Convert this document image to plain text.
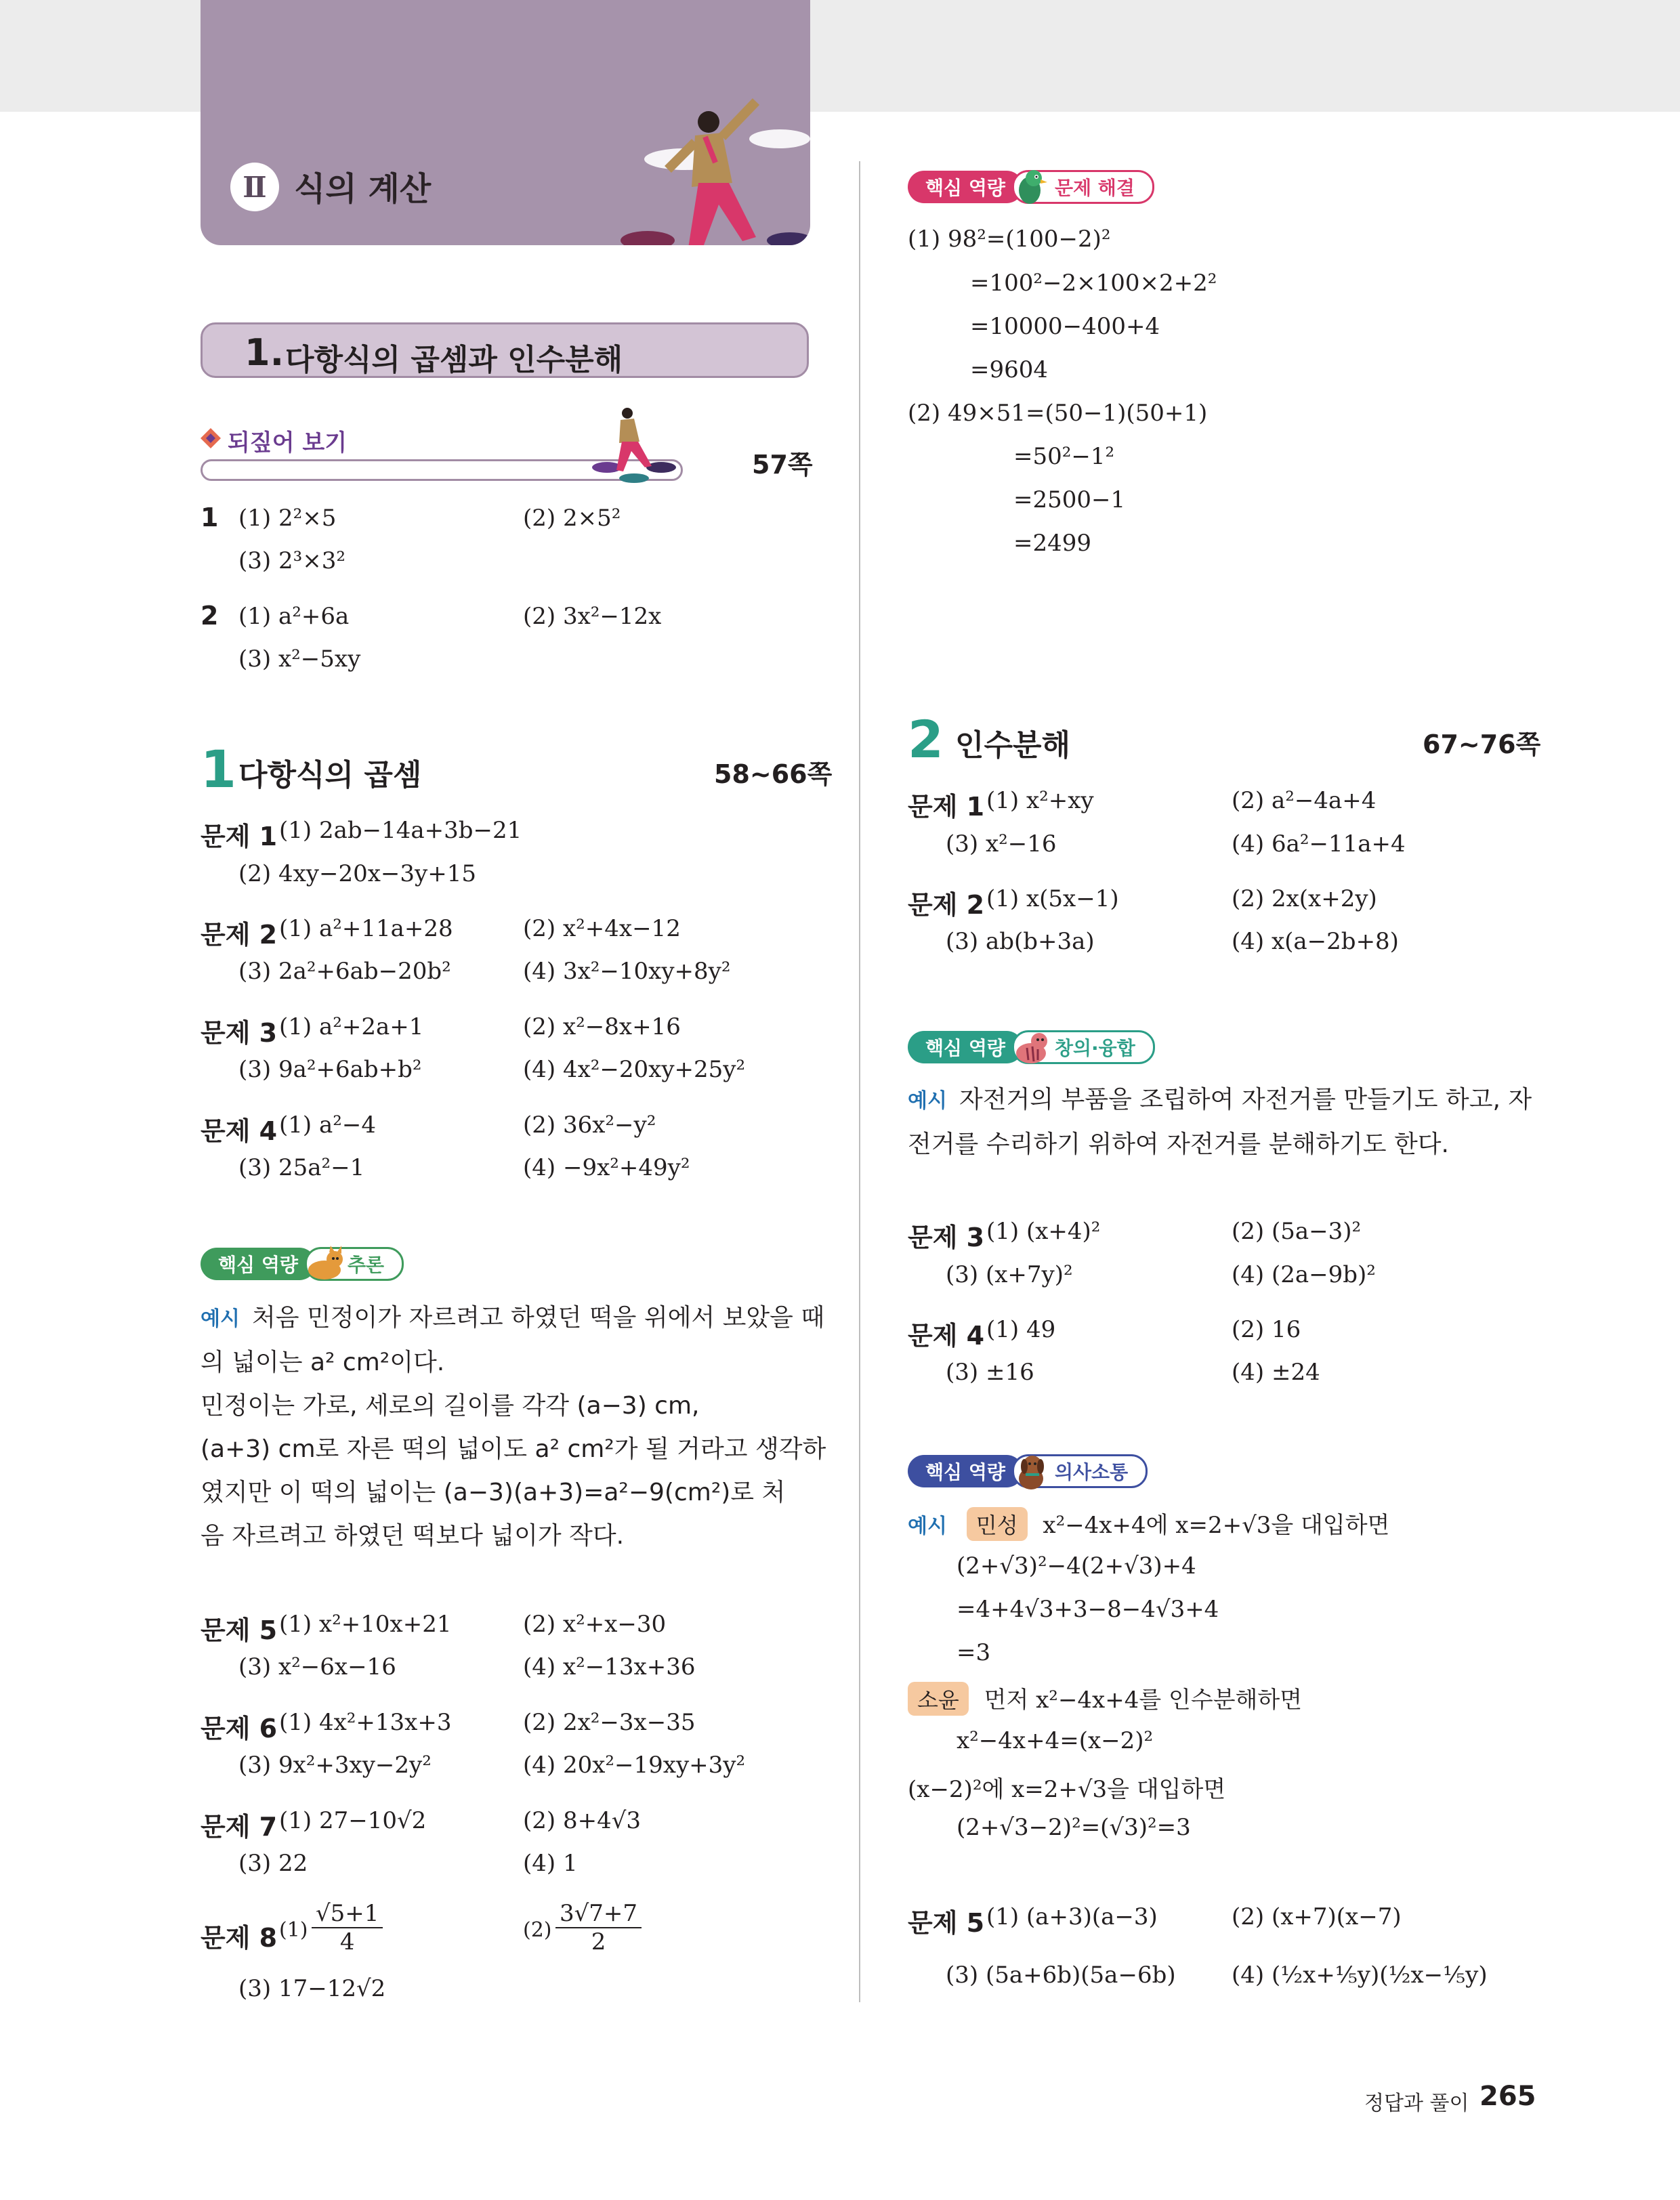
Ⅱ 식의 계산
1. 다항식의 곱셈과 인수분해
되짚어 보기
57쪽
1 (1) 2²×5	(2) 2×5²
(3) 2³×3²
2 (1) a²+6a	(2) 3x²−12x
(3) x²−5xy
1 다항식의 곱셈	58~66쪽
문제 1 (1) 2ab−14a+3b−21
(2) 4xy−20x−3y+15
문제 2 (1) a²+11a+28	(2) x²+4x−12
(3) 2a²+6ab−20b²	(4) 3x²−10xy+8y²
문제 3 (1) a²+2a+1	(2) x²−8x+16
(3) 9a²+6ab+b²	(4) 4x²−20xy+25y²
문제 4 (1) a²−4	(2) 36x²−y²
(3) 25a²−1	(4) −9x²+49y²
핵심 역량	추론
예시 처음 민정이가 자르려고 하였던 떡을 위에서 보았을 때
의 넓이는 a² cm²이다.
민정이는 가로, 세로의 길이를 각각 (a−3) cm,
(a+3) cm로 자른 떡의 넓이도 a² cm²가 될 거라고 생각하
였지만 이 떡의 넓이는 (a−3)(a+3)=a²−9(cm²)로 처
음 자르려고 하였던 떡보다 넓이가 작다.
문제 5 (1) x²+10x+21	(2) x²+x−30
(3) x²−6x−16	(4) x²−13x+36
문제 6 (1) 4x²+13x+3	(2) 2x²−3x−35
(3) 9x²+3xy−2y²	(4) 20x²−19xy+3y²
문제 7 (1) 27−10√2	(2) 8+4√3
(3) 22	(4) 1
문제 8 $(1) \frac{√5+1}{4}$	$(2) \frac{3√7+7}{2}$
(3) 17−12√2
핵심 역량	문제 해결
(1) 98²=(100−2)²
=100²−2×100×2+2²
=10000−400+4
=9604
(2) 49×51=(50−1)(50+1)
=50²−1²
=2500−1
=2499
2 인수분해	67~76쪽
문제 1 (1) x²+xy	(2) a²−4a+4
(3) x²−16	(4) 6a²−11a+4
문제 2 (1) x(5x−1)	(2) 2x(x+2y)
(3) ab(b+3a)	(4) x(a−2b+8)
핵심 역량	창의·융합
예시 자전거의 부품을 조립하여 자전거를 만들기도 하고, 자
전거를 수리하기 위하여 자전거를 분해하기도 한다.
문제 3 (1) (x+4)²	(2) (5a−3)²
(3) (x+7y)²	(4) (2a−9b)²
문제 4 (1) 49	(2) 16
(3) ±16	(4) ±24
핵심 역량	의사소통
예시 민성 x²−4x+4에 x=2+√3을 대입하면
(2+√3)²−4(2+√3)+4
=4+4√3+3−8−4√3+4
=3
소윤 먼저 x²−4x+4를 인수분해하면
x²−4x+4=(x−2)²
(x−2)²에 x=2+√3을 대입하면
(2+√3−2)²=(√3)²=3
문제 5 (1) (a+3)(a−3)	(2) (x+7)(x−7)
(3) (5a+6b)(5a−6b) (4) (½x+⅕y)(½x−⅕y)
정답과 풀이 265
